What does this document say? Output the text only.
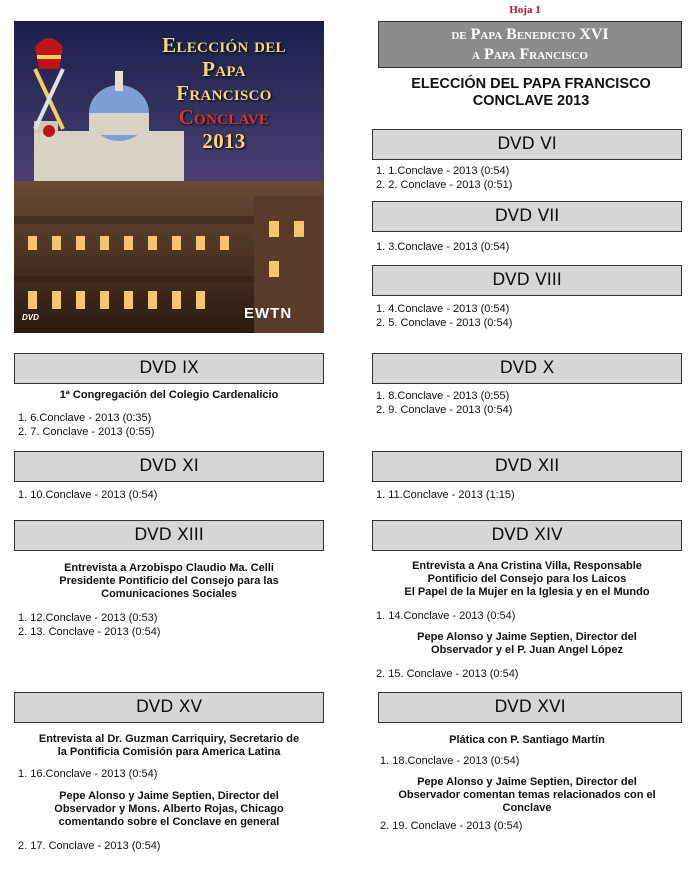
Hoja 1
de Papa Benedicto XVI
a Papa Francisco
ELECCIÓN DEL PAPA FRANCISCO
CONCLAVE 2013
Elección del
Papa
Francisco
Conclave
2013
EWTN
DVD
DVD VI
1. 1.Conclave - 2013 (0:54)
2. 2. Conclave - 2013 (0:51)
DVD VII
1. 3.Conclave - 2013 (0:54)
DVD VIII
1. 4.Conclave - 2013 (0:54)
2. 5. Conclave - 2013 (0:54)
DVD IX
1ª Congregación del Colegio Cardenalicio
1. 6.Conclave - 2013 (0:35)
2. 7. Conclave - 2013 (0:55)
DVD X
1. 8.Conclave - 2013 (0:55)
2. 9. Conclave - 2013 (0:54)
DVD XI
1. 10.Conclave - 2013 (0:54)
DVD XII
1. 11.Conclave - 2013 (1:15)
DVD XIII
Entrevista a Arzobispo Claudio Ma. Celli
Presidente Pontificio del Consejo para las
Comunicaciones Sociales
1. 12.Conclave - 2013 (0:53)
2. 13. Conclave - 2013 (0:54)
DVD XIV
Entrevista a Ana Cristina Villa, Responsable
Pontificio del Consejo para los Laicos
El Papel de la Mujer en la Iglesia y en el Mundo
1. 14.Conclave - 2013 (0:54)
Pepe Alonso y Jaime Septien, Director del
Observador y el P. Juan Angel López
2. 15. Conclave - 2013 (0:54)
DVD XV
Entrevista al Dr. Guzman Carriquiry, Secretario de
la Pontificia Comisión para America Latina
1. 16.Conclave - 2013 (0:54)
Pepe Alonso y Jaime Septien, Director del
Observador y Mons. Alberto Rojas, Chicago
comentando sobre el Conclave en general
2. 17. Conclave - 2013 (0:54)
DVD XVI
Plática con P. Santiago Martín
1. 18.Conclave - 2013 (0:54)
Pepe Alonso y Jaime Septien, Director del
Observador comentan temas relacionados con el
Conclave
2. 19. Conclave - 2013 (0:54)
